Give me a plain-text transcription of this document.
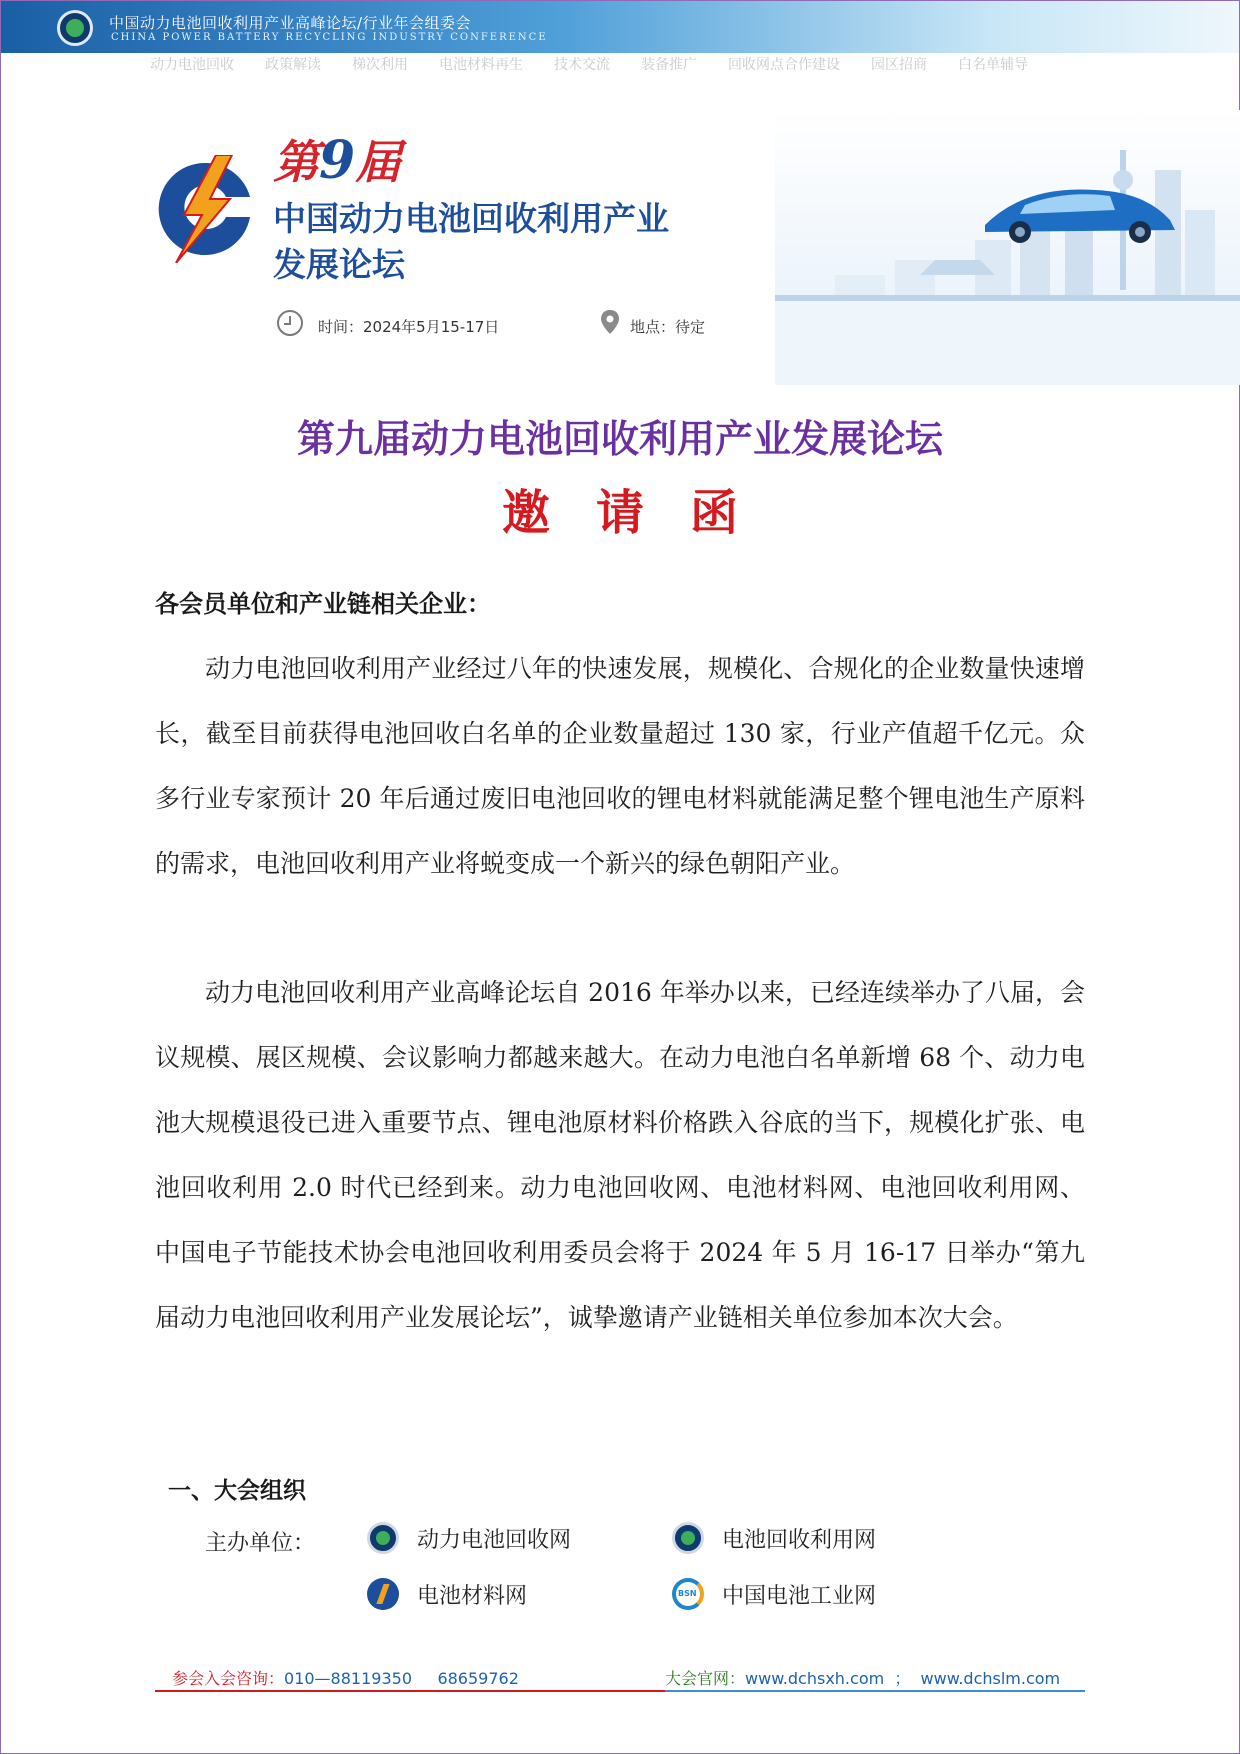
中国动力电池回收利用产业高峰论坛/行业年会组委会
CHINA POWER BATTERY RECYCLING INDUSTRY CONFERENCE
动力电池回收 政策解读 梯次利用 电池材料再生 技术交流 装备推广 回收网点合作建设 园区招商 白名单辅导
第9届
中国动力电池回收利用产业
发展论坛
时间：2024年5月15-17日	地点：待定
第九届动力电池回收利用产业发展论坛
邀请函
各会员单位和产业链相关企业：
动力电池回收利用产业经过八年的快速发展，规模化、合规化的企业数量快速增长，截至目前获得电池回收白名单的企业数量超过 130 家，行业产值超千亿元。众多行业专家预计 20 年后通过废旧电池回收的锂电材料就能满足整个锂电池生产原料的需求，电池回收利用产业将蜕变成一个新兴的绿色朝阳产业。
动力电池回收利用产业高峰论坛自 2016 年举办以来，已经连续举办了八届，会议规模、展区规模、会议影响力都越来越大。在动力电池白名单新增 68 个、动力电池大规模退役已进入重要节点、锂电池原材料价格跌入谷底的当下，规模化扩张、电池回收利用 2.0 时代已经到来。动力电池回收网、电池材料网、电池回收利用网、中国电子节能技术协会电池回收利用委员会将于 2024 年 5 月 16-17 日举办“第九届动力电池回收利用产业发展论坛”，诚挚邀请产业链相关单位参加本次大会。
一、大会组织
主办单位：	动力电池回收网	电池回收利用网
电池材料网
BSN	中国电池工业网
参会入会咨询：010—88119350 68659762	大会官网：www.dchsxh.com ； www.dchslm.com
